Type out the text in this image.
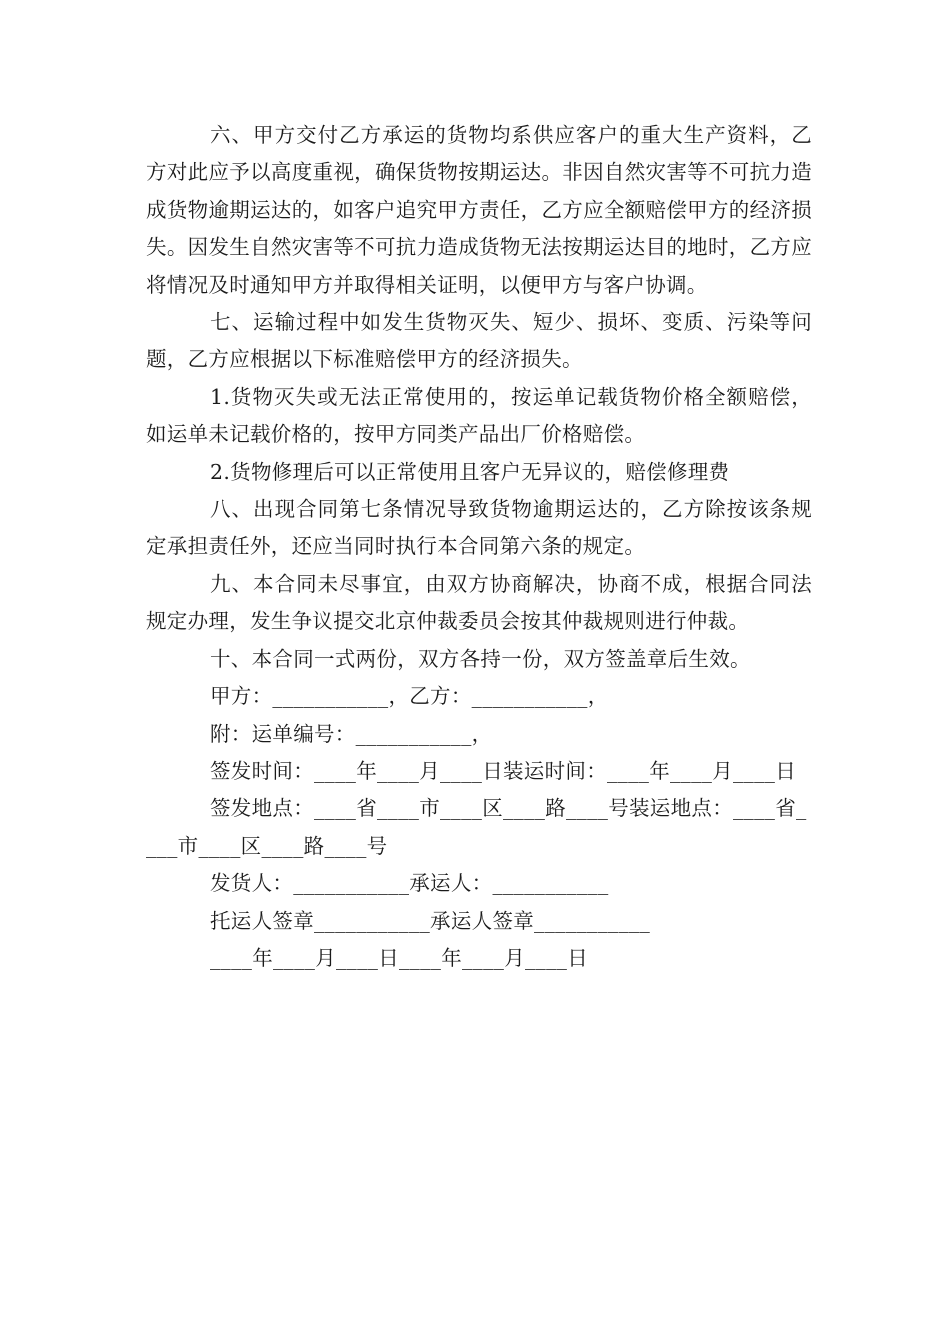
六、甲方交付乙方承运的货物均系供应客户的重大生产资料，乙方对此应予以高度重视，确保货物按期运达。非因自然灾害等不可抗力造成货物逾期运达的，如客户追究甲方责任，乙方应全额赔偿甲方的经济损失。因发生自然灾害等不可抗力造成货物无法按期运达目的地时，乙方应将情况及时通知甲方并取得相关证明，以便甲方与客户协调。

七、运输过程中如发生货物灭失、短少、损坏、变质、污染等问题，乙方应根据以下标准赔偿甲方的经济损失。

1.货物灭失或无法正常使用的，按运单记载货物价格全额赔偿，如运单未记载价格的，按甲方同类产品出厂价格赔偿。

2.货物修理后可以正常使用且客户无异议的，赔偿修理费

八、出现合同第七条情况导致货物逾期运达的，乙方除按该条规定承担责任外，还应当同时执行本合同第六条的规定。

九、本合同未尽事宜，由双方协商解决，协商不成，根据合同法规定办理，发生争议提交北京仲裁委员会按其仲裁规则进行仲裁。

十、本合同一式两份，双方各持一份，双方签盖章后生效。

甲方：___________，乙方：___________，

附：运单编号：___________，

签发时间：____年____月____日装运时间：____年____月____日

签发地点：____省____市____区____路____号装运地点：____省____市____区____路____号

发货人：___________承运人：___________

托运人签章___________承运人签章___________

____年____月____日____年____月____日
